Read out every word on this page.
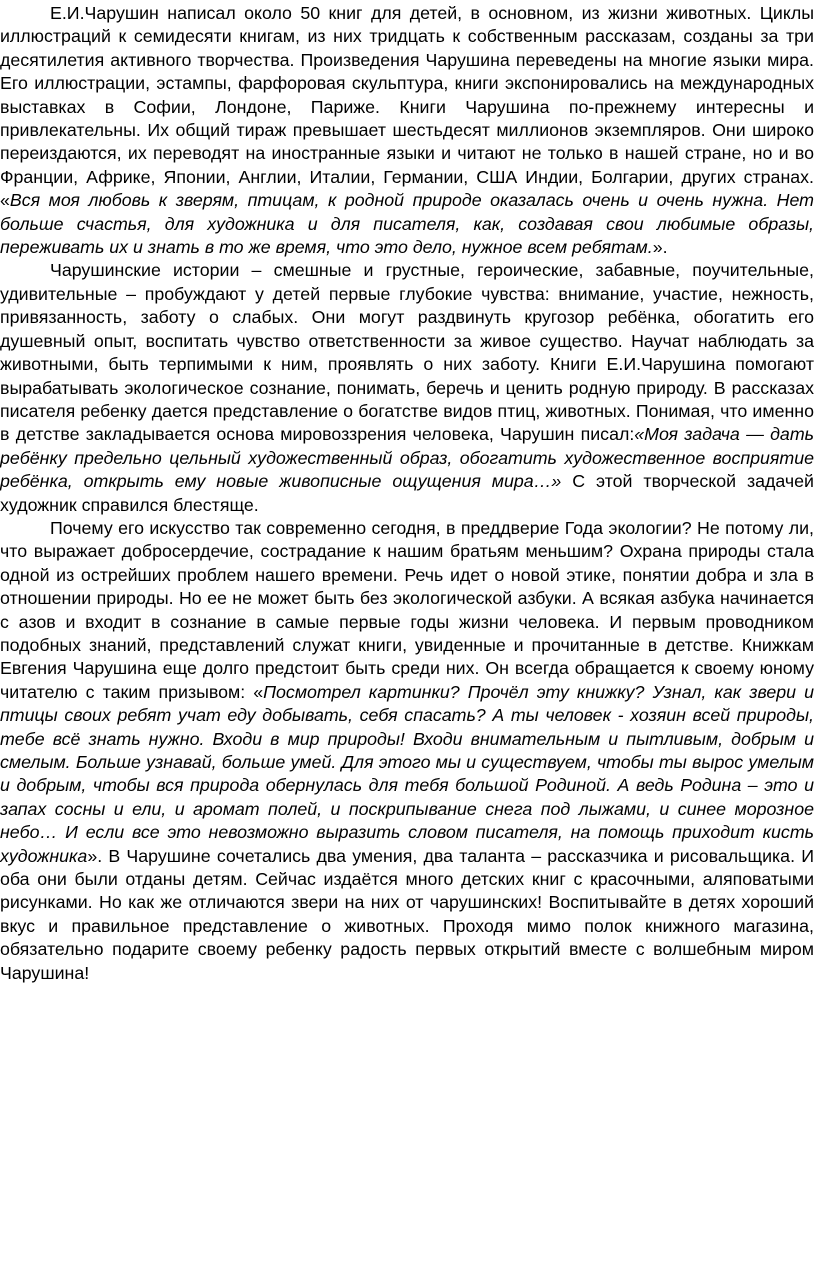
Е.И.Чарушин написал около 50 книг для детей, в основном, из жизни животных. Циклы иллюстраций к семидесяти книгам, из них тридцать к собственным рассказам, созданы за три десятилетия активного творчества. Произведения Чарушина переведены на многие языки мира. Его иллюстрации, эстампы, фарфоровая скульптура, книги экспонировались на международных выставках в Софии, Лондоне, Париже. Книги Чарушина по-прежнему интересны и привлекательны. Их общий тираж превышает шестьдесят миллионов экземпляров. Они широко переиздаются, их переводят на иностранные языки и читают не только в нашей стране, но и во Франции, Африке, Японии, Англии, Италии, Германии, США Индии, Болгарии, других странах. «Вся моя любовь к зверям, птицам, к родной природе оказалась очень и очень нужна. Нет больше счастья, для художника и для писателя, как, создавая свои любимые образы, переживать их и знать в то же время, что это дело, нужное всем ребятам.».

Чарушинские истории – смешные и грустные, героические, забавные, поучительные, удивительные – пробуждают у детей первые глубокие чувства: внимание, участие, нежность, привязанность, заботу о слабых. Они могут раздвинуть кругозор ребёнка, обогатить его душевный опыт, воспитать чувство ответственности за живое существо. Научат наблюдать за животными, быть терпимыми к ним, проявлять о них заботу. Книги Е.И.Чарушина помогают вырабатывать экологическое сознание, понимать, беречь и ценить родную природу. В рассказах писателя ребенку дается представление о богатстве видов птиц, животных. Понимая, что именно в детстве закладывается основа мировоззрения человека, Чарушин писал:«Моя задача — дать ребёнку предельно цельный художественный образ, обогатить художественное восприятие ребёнка, открыть ему новые живописные ощущения мира…» С этой творческой задачей художник справился блестяще.

Почему его искусство так современно сегодня, в преддверие Года экологии? Не потому ли, что выражает добросердечие, сострадание к нашим братьям меньшим? Охрана природы стала одной из острейших проблем нашего времени. Речь идет о новой этике, понятии добра и зла в отношении природы. Но ее не может быть без экологической азбуки. А всякая азбука начинается с азов и входит в сознание в самые первые годы жизни человека. И первым проводником подобных знаний, представлений служат книги, увиденные и прочитанные в детстве. Книжкам Евгения Чарушина еще долго предстоит быть среди них. Он всегда обращается к своему юному читателю с таким призывом: «Посмотрел картинки? Прочёл эту книжку? Узнал, как звери и птицы своих ребят учат еду добывать, себя спасать? А ты человек - хозяин всей природы, тебе всё знать нужно. Входи в мир природы! Входи внимательным и пытливым, добрым и смелым. Больше узнавай, больше умей. Для этого мы и существуем, чтобы ты вырос умелым и добрым, чтобы вся природа обернулась для тебя большой Родиной. А ведь Родина – это и запах сосны и ели, и аромат полей, и поскрипывание снега под лыжами, и синее морозное небо… И если все это невозможно выразить словом писателя, на помощь приходит кисть художника». В Чарушине сочетались два умения, два таланта – рассказчика и рисовальщика. И оба они были отданы детям. Сейчас издаётся много детских книг с красочными, аляповатыми рисунками. Но как же отличаются звери на них от чарушинских! Воспитывайте в детях хороший вкус и правильное представление о животных. Проходя мимо полок книжного магазина, обязательно подарите своему ребенку радость первых открытий вместе с волшебным миром Чарушина!
